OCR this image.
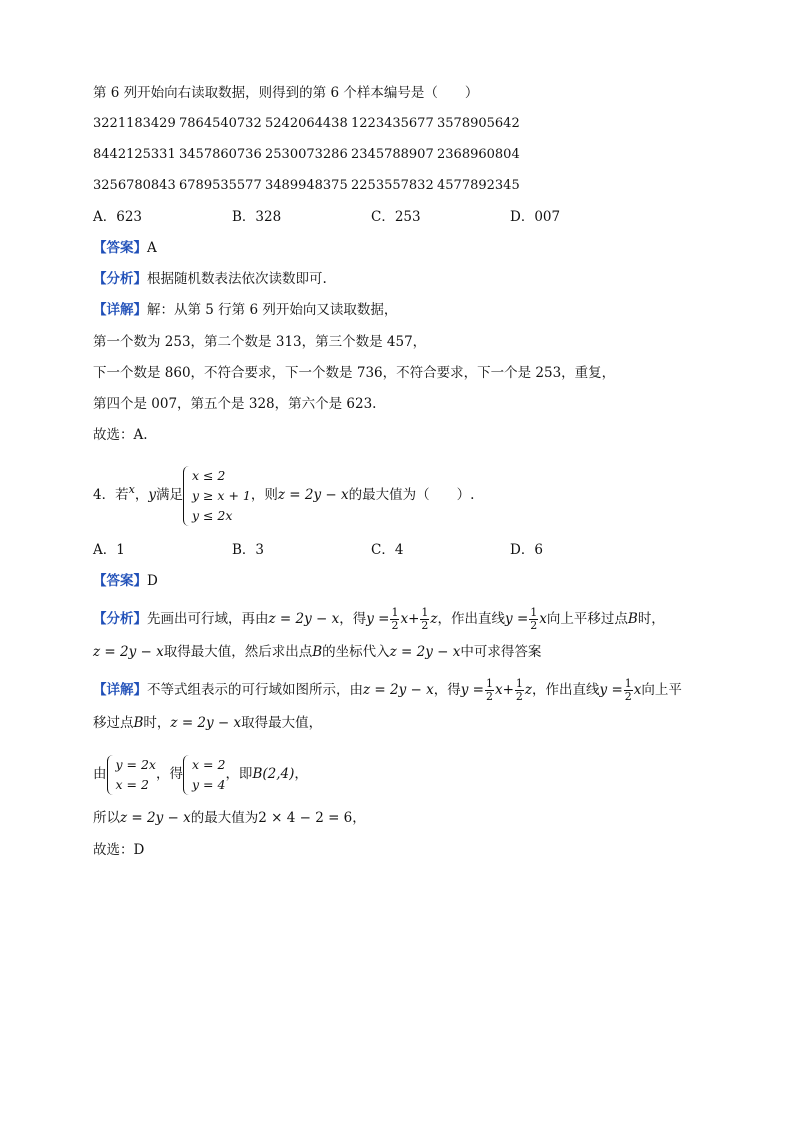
第 6 列开始向右读取数据，则得到的第 6 个样本编号是（　　）
3221183429 7864540732 5242064438 1223435677 3578905642
8442125331 3457860736 2530073286 2345788907 2368960804
3256780843 6789535577 3489948375 2253557832 4577892345
A．623	B．328	C．253	D．007
【答案】A
【分析】根据随机数表法依次读数即可.
【详解】解：从第 5 行第 6 列开始向又读取数据，
第一个数为 253，第二个数是 313，第三个数是 457，
下一个数是 860，不符合要求，下一个数是 736，不符合要求，下一个是 253，重复，
第四个是 007，第五个是 328，第六个是 623.
故选：A.
4．若$^x$，y满足
x ≤ 2
y ≥ x + 1
y ≤ 2x
，则z = 2y − x的最大值为（　　）.
A．1	B．3	C．4	D．6
【答案】D
【分析】先画出可行域，再由z = 2y − x，得$y = \frac{1}{2} x+ \frac{1}{2}$ z，作出直线$y = \frac{1}{2}$ x向上平移过点B时，
z = 2y − x取得最大值，然后求出点B的坐标代入z = 2y − x中可求得答案
【详解】不等式组表示的可行域如图所示，由z = 2y − x，得$y = \frac{1}{2} x+ \frac{1}{2}$ z，作出直线$y = \frac{1}{2}$ x向上平
移过点B时，z = 2y − x取得最大值，
由
y = 2x
x = 2
，得
x = 2
y = 4
，即B(2,4)，
所以z = 2y − x的最大值为2 × 4 − 2 = 6，
故选：D
